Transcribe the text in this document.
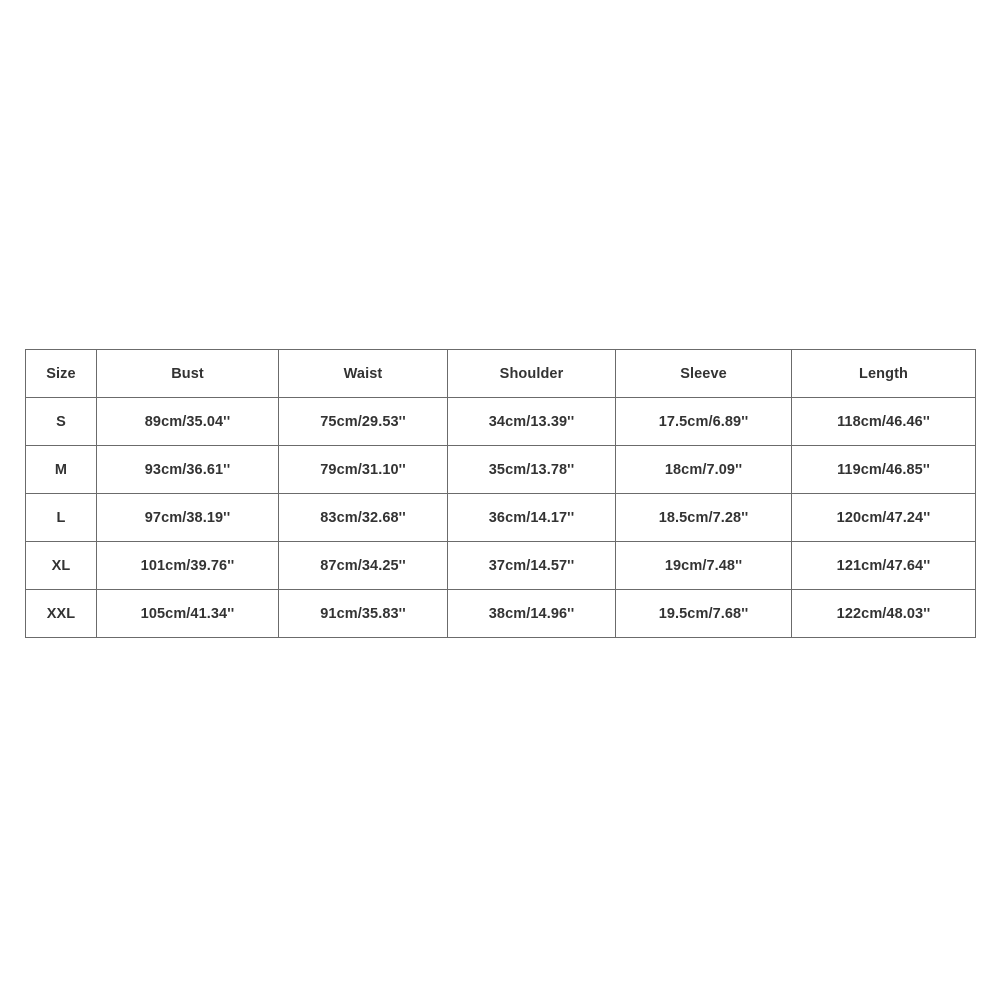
Size	Bust	Waist	Shoulder	Sleeve	Length
S	89cm/35.04''	75cm/29.53''	34cm/13.39''	17.5cm/6.89''	118cm/46.46''
M	93cm/36.61''	79cm/31.10''	35cm/13.78''	18cm/7.09''	119cm/46.85''
L	97cm/38.19''	83cm/32.68''	36cm/14.17''	18.5cm/7.28''	120cm/47.24''
XL	101cm/39.76''	87cm/34.25''	37cm/14.57''	19cm/7.48''	121cm/47.64''
XXL	105cm/41.34''	91cm/35.83''	38cm/14.96''	19.5cm/7.68''	122cm/48.03''
